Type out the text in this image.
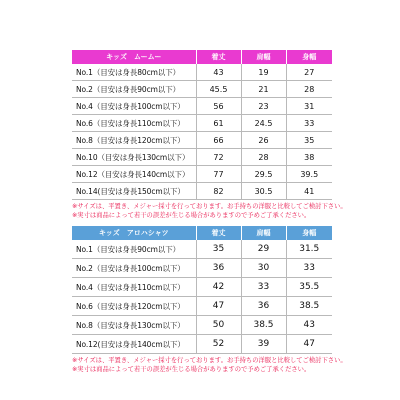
キッズ　ムームー	着丈	肩幅	身幅
No.1（目安は身長80cm以下）	43	19	27
No.2（目安は身長90cm以下）	45.5	21	28
No.4（目安は身長100cm以下）	56	23	31
No.6（目安は身長110cm以下）	61	24.5	33
No.8（目安は身長120cm以下）	66	26	35
No.10（目安は身長130cm以下）	72	28	38
No.12（目安は身長140cm以下）	77	29.5	39.5
No.14(目安は身長150cm以下）	82	30.5	41
※サイズは、平置き、メジャー採寸を行っております。お手持ちの洋服と比較してご検討下さい。
※実寸は商品によって若干の誤差が生じる場合がありますので予めご了承ください。
キッズ　アロハシャツ	着丈	肩幅	身幅
No.1（目安は身長90cm以下）	35	29	31.5
No.2（目安は身長100cm以下）	36	30	33
No.4（目安は身長110cm以下）	42	33	35.5
No.6（目安は身長120cm以下）	47	36	38.5
No.8（目安は身長130cm以下）	50	38.5	43
No.12(目安は身長140cm以下）	52	39	47
※サイズは、平置き、メジャー採寸を行っております。お手持ちの洋服と比較してご検討下さい。
※実寸は商品によって若干の誤差が生じる場合がありますので予めご了承ください。
